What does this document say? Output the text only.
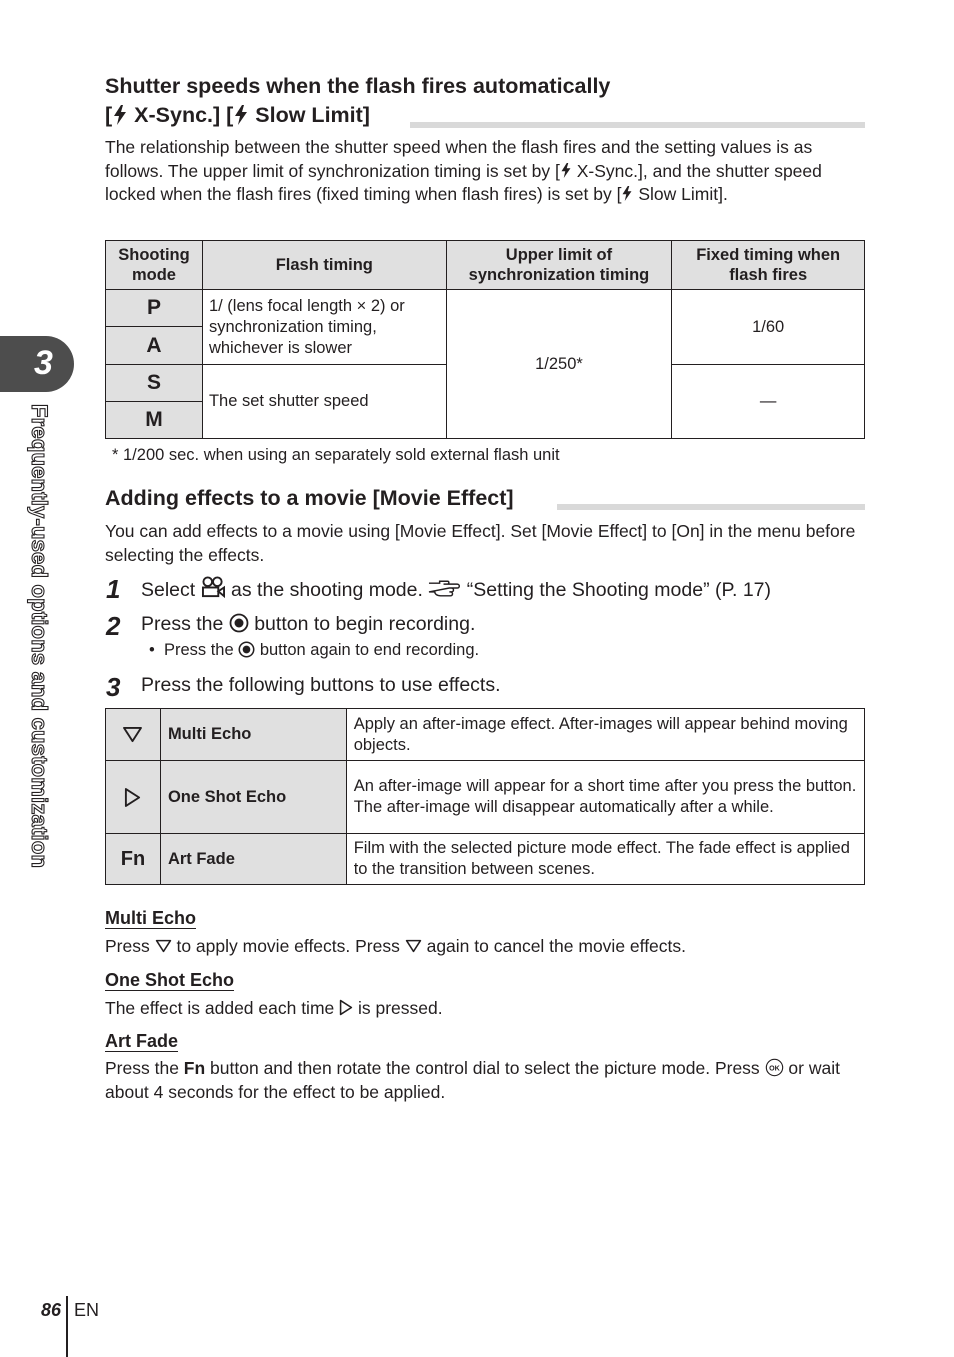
3
Frequently-used options and customization
Shutter speeds when the flash fires automatically
[ X-Sync.] [ Slow Limit]

The relationship between the shutter speed when the flash fires and the setting values is as follows. The upper limit of synchronization timing is set by [ X-Sync.], and the shutter speed locked when the flash fires (fixed timing when flash fires) is set by [ Slow Limit].

Shooting mode	Flash timing	Upper limit of synchronization timing	Fixed timing when flash fires
P	1/ (lens focal length × 2) or synchronization timing, whichever is slower	1/250*	1/60
A			
S	The set shutter speed		—
M			
* 1/200 sec. when using an separately sold external flash unit
Adding effects to a movie [Movie Effect]

You can add effects to a movie using [Movie Effect]. Set [Movie Effect] to [On] in the menu before selecting the effects.

1 Select  as the shooting mode.  “Setting the Shooting mode” (P. 17)
2 Press the  button to begin recording.
• Press the  button again to end recording.
3 Press the following buttons to use effects.
	Multi Echo	Apply an after-image effect. After-images will appear behind moving objects.
	One Shot Echo	An after-image will appear for a short time after you press the button. The after-image will disappear automatically after a while.
Fn	Art Fade	Film with the selected picture mode effect. The fade effect is applied to the transition between scenes.
Multi Echo
Press  to apply movie effects. Press  again to cancel the movie effects.
One Shot Echo
The effect is added each time  is pressed.
Art Fade
Press the Fn button and then rotate the control dial to select the picture mode. Press OK or wait about 4 seconds for the effect to be applied.
86 EN
